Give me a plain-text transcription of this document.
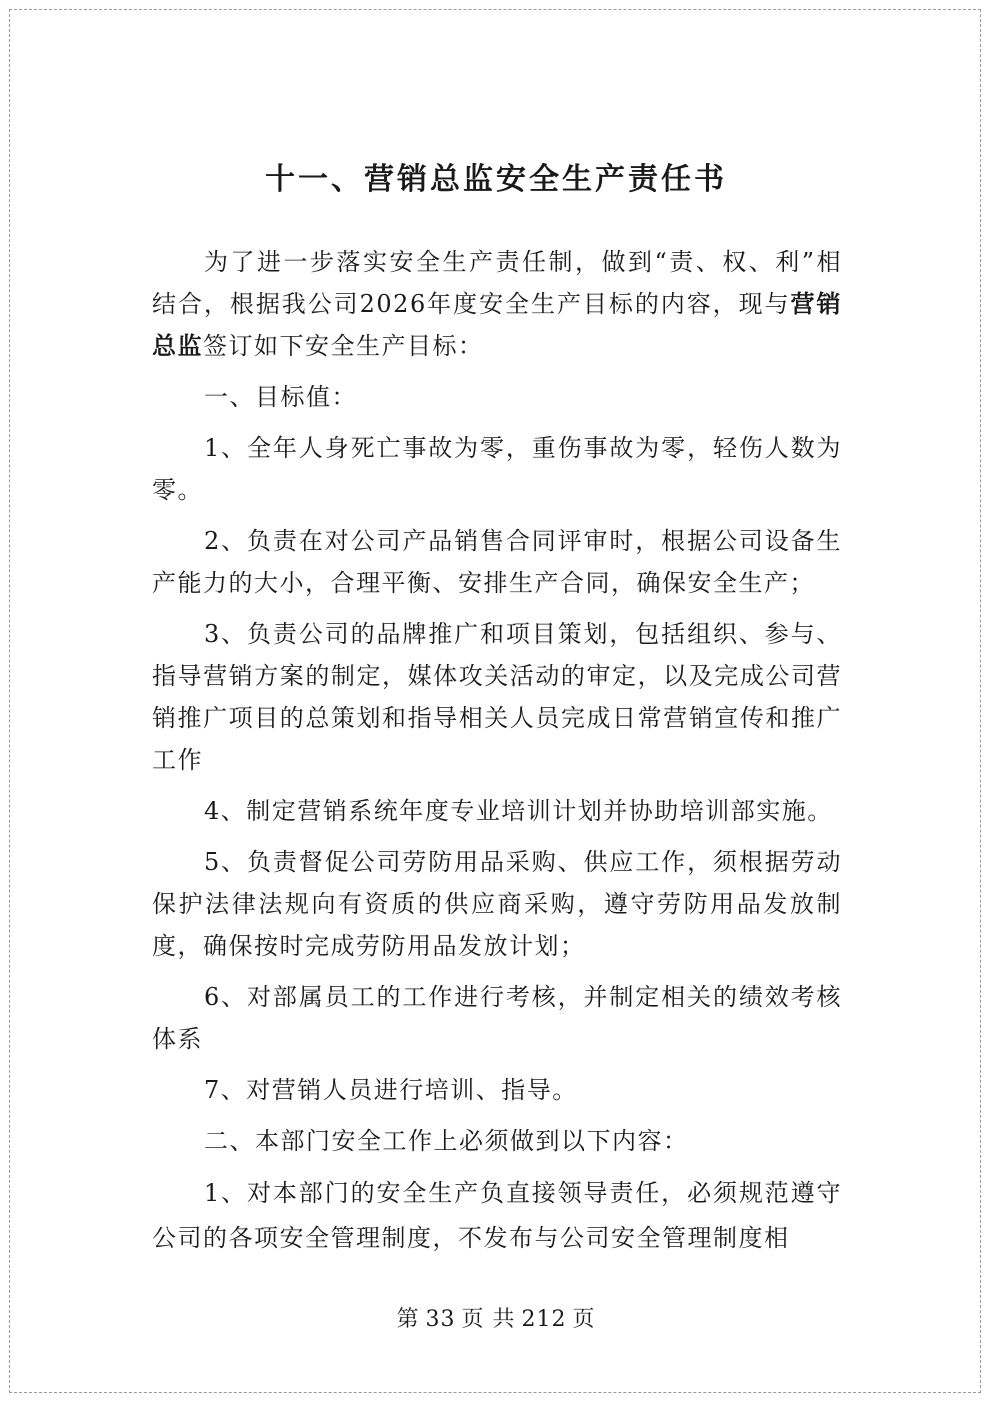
十一、营销总监安全生产责任书

为了进一步落实安全生产责任制，做到“责、权、利”相结合，根据我公司2026年度安全生产目标的内容，现与营销总监签订如下安全生产目标：

一、目标值：

1、全年人身死亡事故为零，重伤事故为零，轻伤人数为零。

2、负责在对公司产品销售合同评审时，根据公司设备生产能力的大小，合理平衡、安排生产合同，确保安全生产；

3、负责公司的品牌推广和项目策划，包括组织、参与、指导营销方案的制定，媒体攻关活动的审定，以及完成公司营销推广项目的总策划和指导相关人员完成日常营销宣传和推广工作

4、制定营销系统年度专业培训计划并协助培训部实施。

5、负责督促公司劳防用品采购、供应工作，须根据劳动保护法律法规向有资质的供应商采购，遵守劳防用品发放制度，确保按时完成劳防用品发放计划；

6、对部属员工的工作进行考核，并制定相关的绩效考核体系

7、对营销人员进行培训、指导。

二、本部门安全工作上必须做到以下内容：

1、对本部门的安全生产负直接领导责任，必须规范遵守公司的各项安全管理制度，不发布与公司安全管理制度相

第 33 页 共 212 页
